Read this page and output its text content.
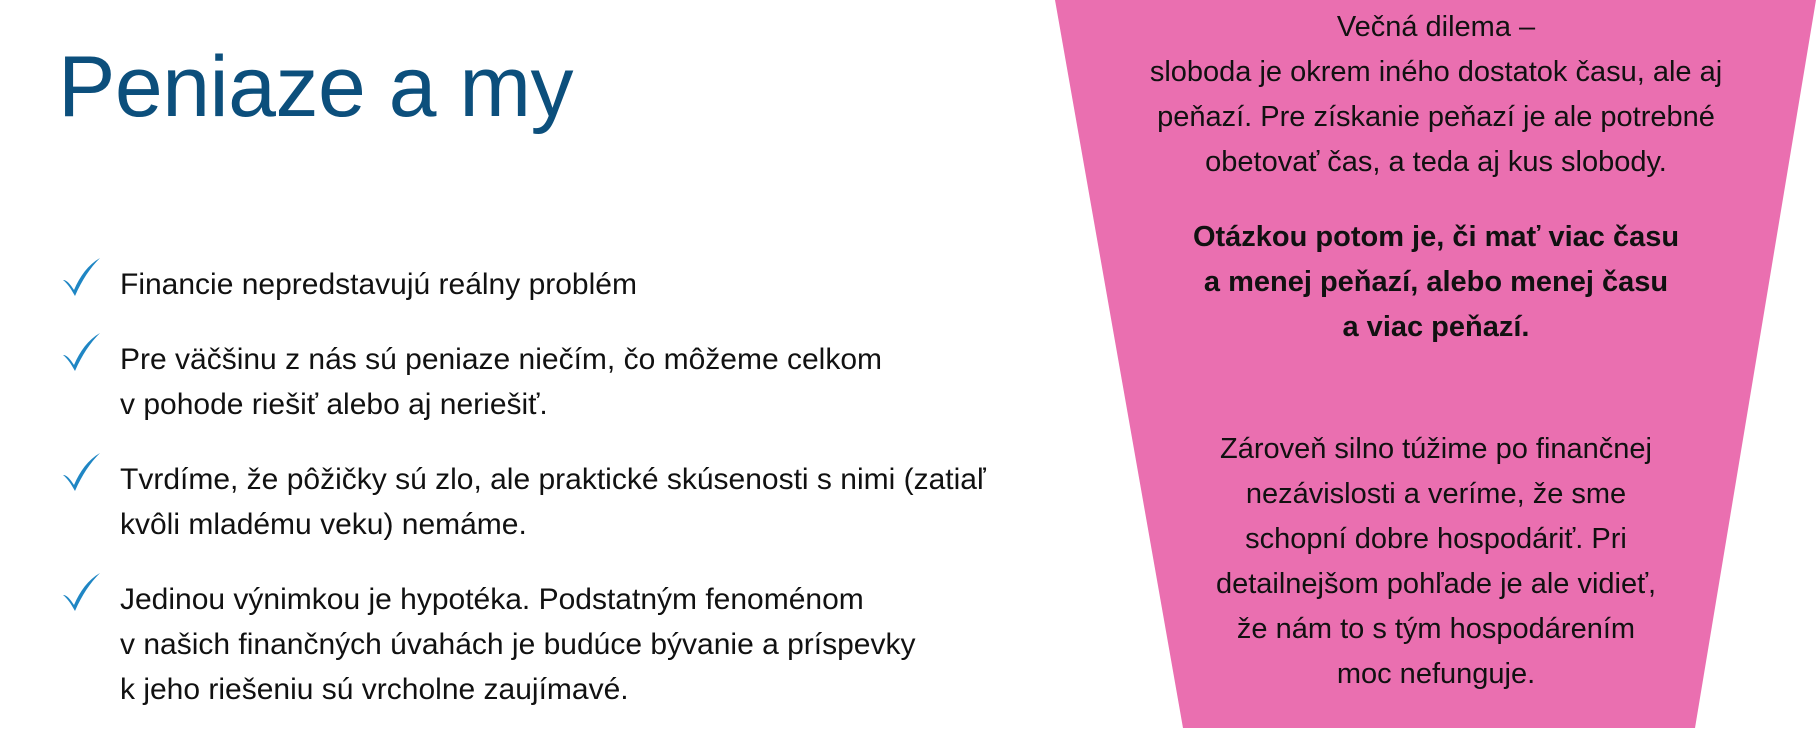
Peniaze a my
Financie nepredstavujú reálny problém
Pre väčšinu z nás sú peniaze niečím, čo môžeme celkom
v pohode riešiť alebo aj neriešiť.
Tvrdíme, že pôžičky sú zlo, ale praktické skúsenosti s nimi (zatiaľ
kvôli mladému veku) nemáme.
Jedinou výnimkou je hypotéka. Podstatným fenoménom
v našich finančných úvahách je budúce bývanie a príspevky
k jeho riešeniu sú vrcholne zaujímavé.
Večná dilema –
sloboda je okrem iného dostatok času, ale aj
peňazí. Pre získanie peňazí je ale potrebné
obetovať čas, a teda aj kus slobody.
Otázkou potom je, či mať viac času
a menej peňazí, alebo menej času
a viac peňazí.
Zároveň silno túžime po finančnej
nezávislosti a veríme, že sme
schopní dobre hospodáriť. Pri
detailnejšom pohľade je ale vidieť,
že nám to s tým hospodárením
moc nefunguje.
